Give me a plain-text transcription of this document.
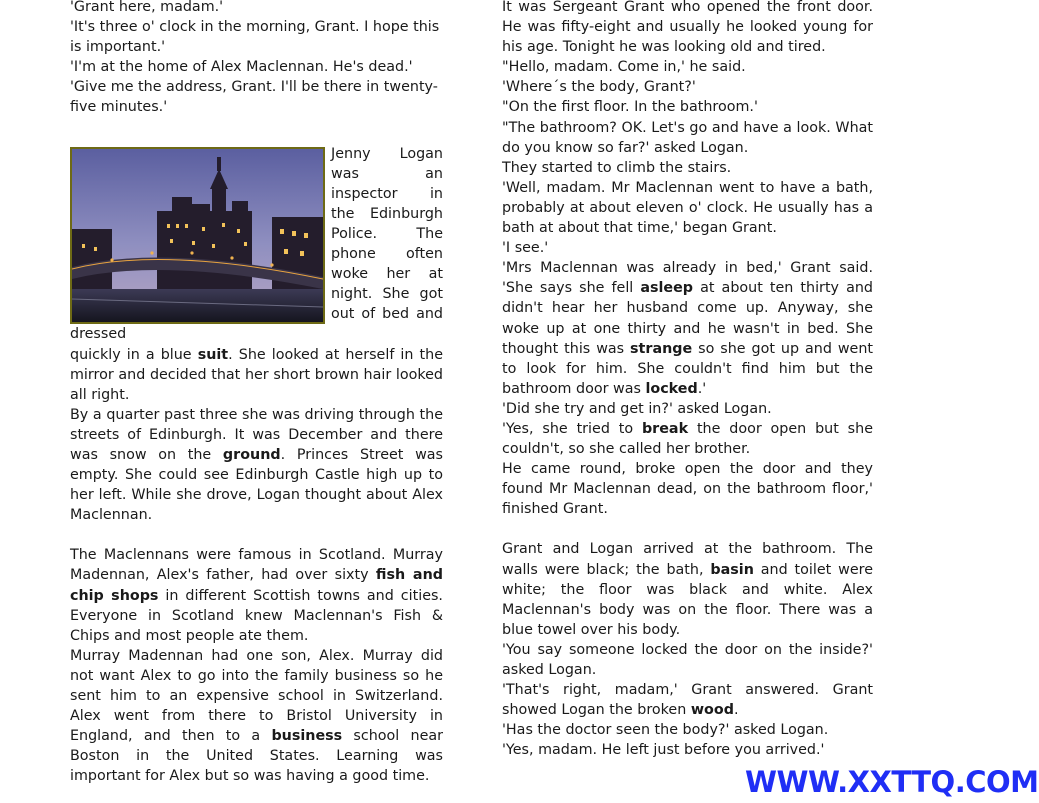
'Grant here, madam.'

'It's three o' clock in the morning, Grant. I hope this is important.'

'I'm at the home of Alex Maclennan. He's dead.'

'Give me the address, Grant. I'll be there in twenty-five minutes.'

Jenny Logan was an inspector in the Edinburgh Police. The phone often woke her at night. She got out of bed and dressed

quickly in a blue suit. She looked at herself in the mirror and decided that her short brown hair looked all right.

By a quarter past three she was driving through the streets of Edinburgh. It was December and there was snow on the ground. Princes Street was empty. She could see Edinburgh Castle high up to her left. While she drove, Logan thought about Alex Maclennan.

The Maclennans were famous in Scotland. Murray Madennan, Alex's father, had over sixty fish and chip shops in different Scottish towns and cities. Everyone in Scotland knew Maclennan's Fish & Chips and most people ate them.

Murray Madennan had one son, Alex. Murray did not want Alex to go into the family business so he sent him to an expensive school in Switzerland. Alex went from there to Bristol University in England, and then to a business school near Boston in the United States. Learning was important for Alex but so was having a good time.

It was Sergeant Grant who opened the front door. He was fifty-eight and usually he looked young for his age. Tonight he was looking old and tired.

"Hello, madam. Come in,' he said.

'Where´s the body, Grant?'

"On the first floor. In the bathroom.'

"The bathroom? OK. Let's go and have a look. What do you know so far?' asked Logan.

They started to climb the stairs.

'Well, madam. Mr Maclennan went to have a bath, probably at about eleven o' clock. He usually has a bath at about that time,' began Grant.

'I see.'

'Mrs Maclennan was already in bed,' Grant said. 'She says she fell asleep at about ten thirty and didn't hear her husband come up. Anyway, she woke up at one thirty and he wasn't in bed. She thought this was strange so she got up and went to look for him. She couldn't find him but the bathroom door was locked.'

'Did she try and get in?' asked Logan.

'Yes, she tried to break the door open but she couldn't, so she called her brother.

He came round, broke open the door and they found Mr Maclennan dead, on the bathroom floor,' finished Grant.

Grant and Logan arrived at the bathroom. The walls were black; the bath, basin and toilet were white; the floor was black and white. Alex Maclennan's body was on the floor. There was a blue towel over his body.

'You say someone locked the door on the inside?' asked Logan.

'That's right, madam,' Grant answered. Grant showed Logan the broken wood.

'Has the doctor seen the body?' asked Logan.

'Yes, madam. He left just before you arrived.'

WWW.XXTTQ.COM
